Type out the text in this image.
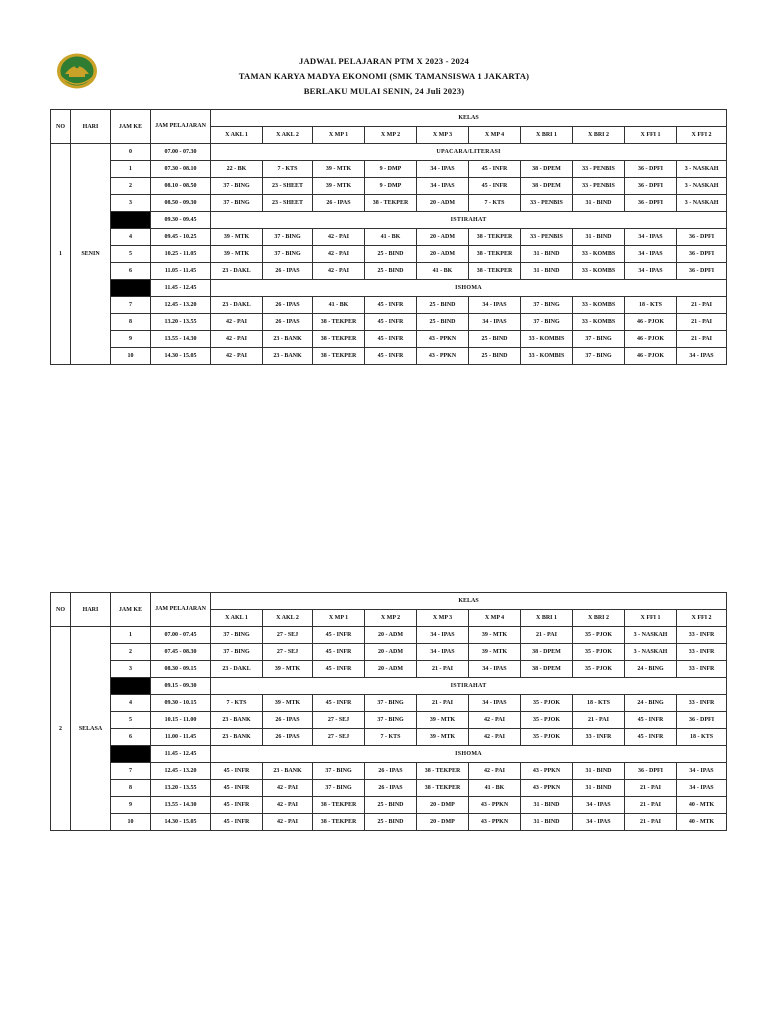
JADWAL PELAJARAN PTM X 2023 - 2024
TAMAN KARYA MADYA EKONOMI (SMK TAMANSISWA 1 JAKARTA)
BERLAKU MULAI SENIN, 24 Juli 2023)
NO	HARI	JAM KE	JAM PELAJARAN	KELAS									
				X AKL 1	X AKL 2	X MP 1	X MP 2	X MP 3	X MP 4	X BRI 1	X BRI 2	X FFI 1	X FFI 2
1	SENIN	0	07.00 - 07.30	UPACARA/LITERASI									
		1	07.30 - 08.10	22 - BK	7 - KTS	39 - MTK	9 - DMP	34 - IPAS	45 - INFR	38 - DPEM	33 - PENBIS	36 - DPFI	3 - NASKAH
		2	08.10 - 08.50	37 - BING	23 - SHEET	39 - MTK	9 - DMP	34 - IPAS	45 - INFR	38 - DPEM	33 - PENBIS	36 - DPFI	3 - NASKAH
		3	08.50 - 09.30	37 - BING	23 - SHEET	26 - IPAS	38 - TEKPER	20 - ADM	7 - KTS	33 - PENBIS	31 - BIND	36 - DPFI	3 - NASKAH
			09.30 - 09.45	ISTIRAHAT									
		4	09.45 - 10.25	39 - MTK	37 - BING	42 - PAI	41 - BK	20 - ADM	38 - TEKPER	33 - PENBIS	31 - BIND	34 - IPAS	36 - DPFI
		5	10.25 - 11.05	39 - MTK	37 - BING	42 - PAI	25 - BIND	20 - ADM	38 - TEKPER	31 - BIND	33 - KOMBS	34 - IPAS	36 - DPFI
		6	11.05 - 11.45	23 - DAKL	26 - IPAS	42 - PAI	25 - BIND	41 - BK	38 - TEKPER	31 - BIND	33 - KOMBS	34 - IPAS	36 - DPFI
			11.45 - 12.45	ISHOMA									
		7	12.45 - 13.20	23 - DAKL	26 - IPAS	41 - BK	45 - INFR	25 - BIND	34 - IPAS	37 - BING	33 - KOMBS	18 - KTS	21 - PAI
		8	13.20 - 13.55	42 - PAI	26 - IPAS	38 - TEKPER	45 - INFR	25 - BIND	34 - IPAS	37 - BING	33 - KOMBS	46 - PJOK	21 - PAI
		9	13.55 - 14.30	42 - PAI	23 - BANK	38 - TEKPER	45 - INFR	43 - PPKN	25 - BIND	33 - KOMBIS	37 - BING	46 - PJOK	21 - PAI
		10	14.30 - 15.05	42 - PAI	23 - BANK	38 - TEKPER	45 - INFR	43 - PPKN	25 - BIND	33 - KOMBIS	37 - BING	46 - PJOK	34 - IPAS
NO	HARI	JAM KE	JAM PELAJARAN	KELAS									
				X AKL 1	X AKL 2	X MP 1	X MP 2	X MP 3	X MP 4	X BRI 1	X BRI 2	X FFI 1	X FFI 2
2	SELASA	1	07.00 - 07.45	37 - BING	27 - SEJ	45 - INFR	20 - ADM	34 - IPAS	39 - MTK	21 - PAI	35 - PJOK	3 - NASKAH	33 - INFR
		2	07.45 - 08.30	37 - BING	27 - SEJ	45 - INFR	20 - ADM	34 - IPAS	39 - MTK	38 - DPEM	35 - PJOK	3 - NASKAH	33 - INFR
		3	08.30 - 09.15	23 - DAKL	39 - MTK	45 - INFR	20 - ADM	21 - PAI	34 - IPAS	38 - DPEM	35 - PJOK	24 - BING	33 - INFR
			09.15 - 09.30	ISTIRAHAT									
		4	09.30 - 10.15	7 - KTS	39 - MTK	45 - INFR	37 - BING	21 - PAI	34 - IPAS	35 - PJOK	18 - KTS	24 - BING	33 - INFR
		5	10.15 - 11.00	23 - BANK	26 - IPAS	27 - SEJ	37 - BING	39 - MTK	42 - PAI	35 - PJOK	21 - PAI	45 - INFR	36 - DPFI
		6	11.00 - 11.45	23 - BANK	26 - IPAS	27 - SEJ	7 - KTS	39 - MTK	42 - PAI	35 - PJOK	33 - INFR	45 - INFR	18 - KTS
			11.45 - 12.45	ISHOMA									
		7	12.45 - 13.20	45 - INFR	23 - BANK	37 - BING	26 - IPAS	38 - TEKPER	42 - PAI	43 - PPKN	31 - BIND	36 - DPFI	34 - IPAS
		8	13.20 - 13.55	45 - INFR	42 - PAI	37 - BING	26 - IPAS	38 - TEKPER	41 - BK	43 - PPKN	31 - BIND	21 - PAI	34 - IPAS
		9	13.55 - 14.30	45 - INFR	42 - PAI	38 - TEKPER	25 - BIND	20 - DMP	43 - PPKN	31 - BIND	34 - IPAS	21 - PAI	40 - MTK
		10	14.30 - 15.05	45 - INFR	42 - PAI	38 - TEKPER	25 - BIND	20 - DMP	43 - PPKN	31 - BIND	34 - IPAS	21 - PAI	40 - MTK
